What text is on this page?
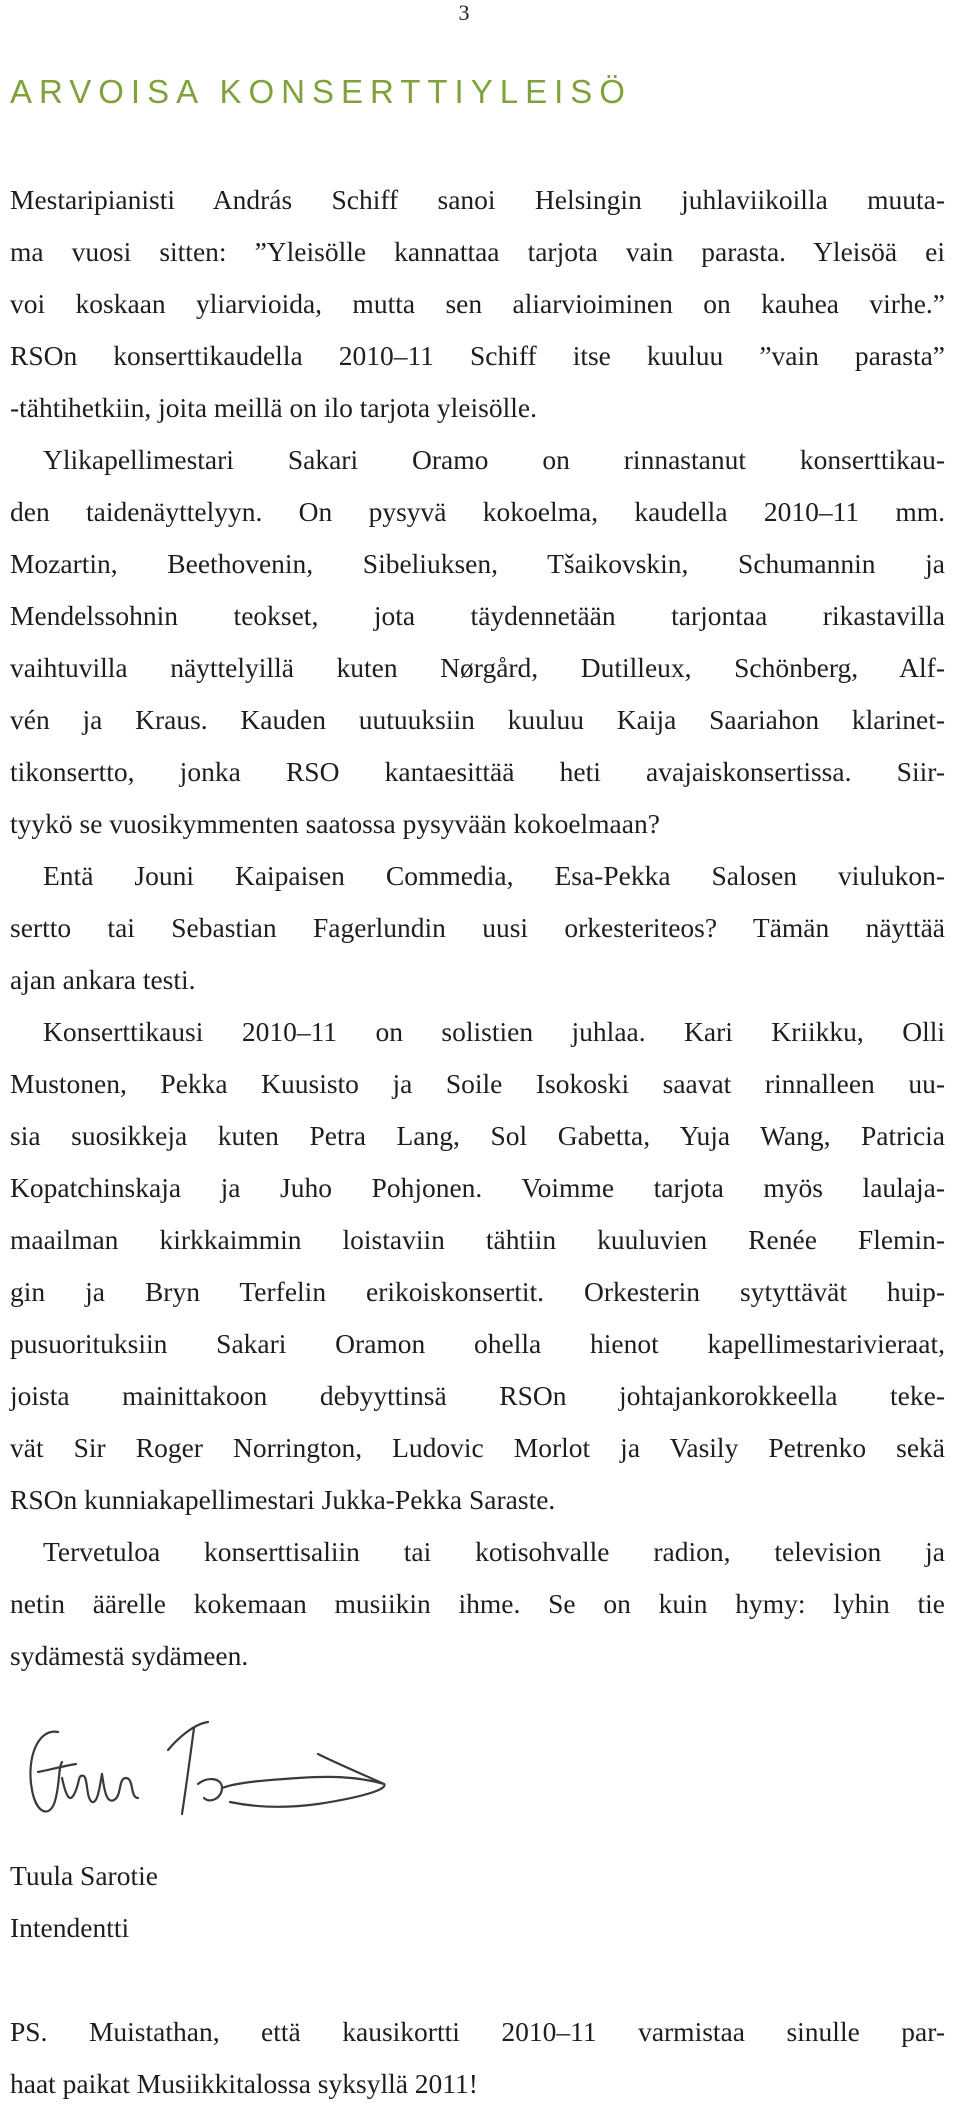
3
ARVOISA KONSERTTIYLEISÖ
Mestaripianisti András Schiff sanoi Helsingin juhlaviikoilla muuta-
ma vuosi sitten: ”Yleisölle kannattaa tarjota vain parasta. Yleisöä ei
voi koskaan yliarvioida, mutta sen aliarvioiminen on kauhea virhe.”
RSOn konserttikaudella 2010–11 Schiff itse kuuluu ”vain parasta”
-tähtihetkiin, joita meillä on ilo tarjota yleisölle.
Ylikapellimestari Sakari Oramo on rinnastanut konserttikau-
den taidenäyttelyyn. On pysyvä kokoelma, kaudella 2010–11 mm.
Mozartin, Beethovenin, Sibeliuksen, Tšaikovskin, Schumannin ja
Mendelssohnin teokset, jota täydennetään tarjontaa rikastavilla
vaihtuvilla näyttelyillä kuten Nørgård, Dutilleux, Schönberg, Alf-
vén ja Kraus. Kauden uutuuksiin kuuluu Kaija Saariahon klarinet-
tikonsertto, jonka RSO kantaesittää heti avajaiskonsertissa. Siir-
tyykö se vuosikymmenten saatossa pysyvään kokoelmaan?
Entä Jouni Kaipaisen Commedia, Esa-Pekka Salosen viulukon-
sertto tai Sebastian Fagerlundin uusi orkesteriteos? Tämän näyttää
ajan ankara testi.
Konserttikausi 2010–11 on solistien juhlaa. Kari Kriikku, Olli
Mustonen, Pekka Kuusisto ja Soile Isokoski saavat rinnalleen uu-
sia suosikkeja kuten Petra Lang, Sol Gabetta, Yuja Wang, Patricia
Kopatchinskaja ja Juho Pohjonen. Voimme tarjota myös laulaja-
maailman kirkkaimmin loistaviin tähtiin kuuluvien Renée Flemin-
gin ja Bryn Terfelin erikoiskonsertit. Orkesterin sytyttävät huip-
pusuorituksiin Sakari Oramon ohella hienot kapellimestarivieraat,
joista mainittakoon debyyttinsä RSOn johtajankorokkeella teke-
vät Sir Roger Norrington, Ludovic Morlot ja Vasily Petrenko sekä
RSOn kunniakapellimestari Jukka-Pekka Saraste.
Tervetuloa konserttisaliin tai kotisohvalle radion, television ja
netin äärelle kokemaan musiikin ihme. Se on kuin hymy: lyhin tie
sydämestä sydämeen.
Tuula Sarotie
Intendentti
PS. Muistathan, että kausikortti 2010–11 varmistaa sinulle par-
haat paikat Musiikkitalossa syksyllä 2011!
